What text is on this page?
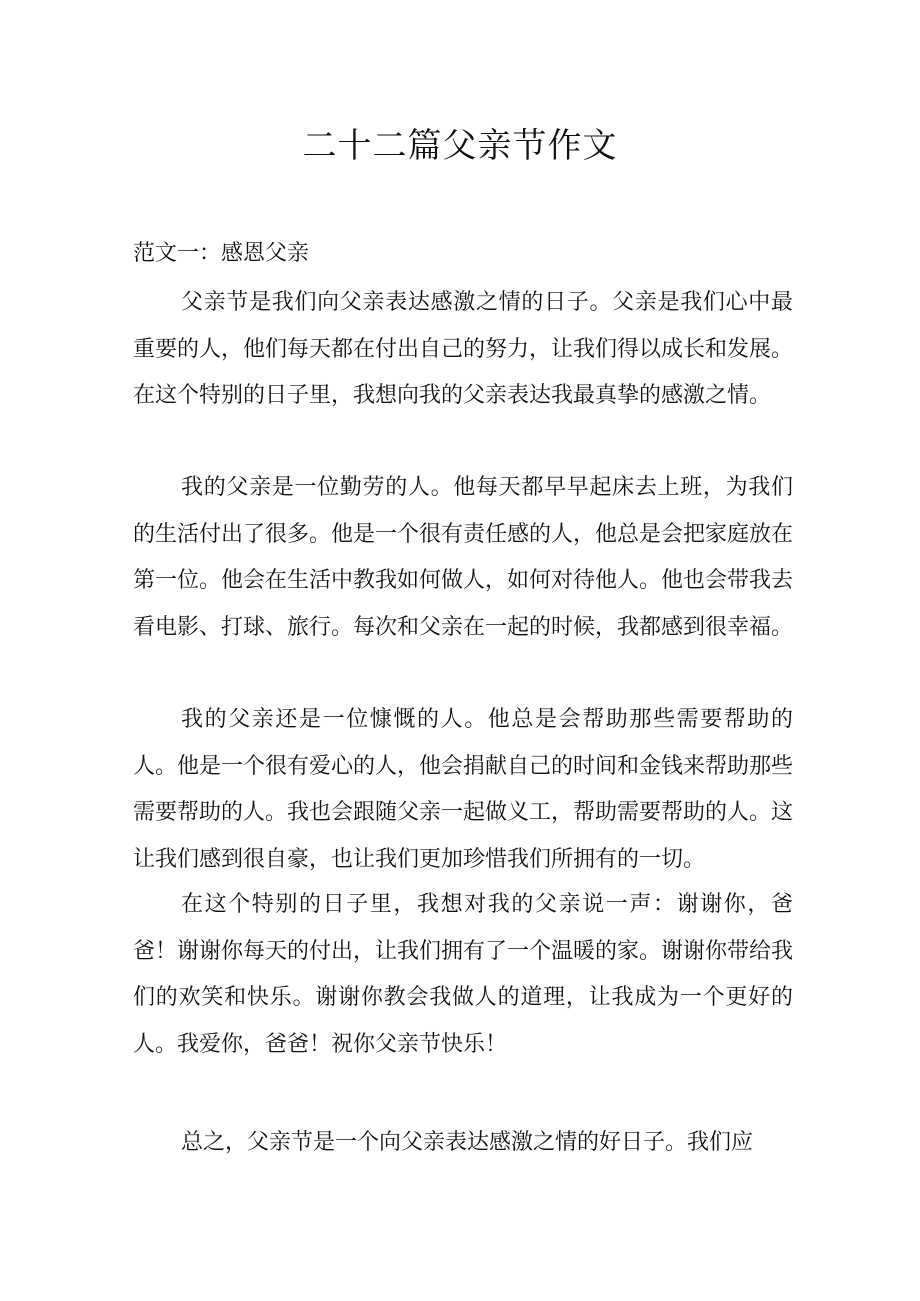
二十二篇父亲节作文

范文一：感恩父亲

父亲节是我们向父亲表达感激之情的日子。父亲是我们心中最重要的人，他们每天都在付出自己的努力，让我们得以成长和发展。在这个特别的日子里，我想向我的父亲表达我最真挚的感激之情。

我的父亲是一位勤劳的人。他每天都早早起床去上班，为我们的生活付出了很多。他是一个很有责任感的人，他总是会把家庭放在第一位。他会在生活中教我如何做人，如何对待他人。他也会带我去看电影、打球、旅行。每次和父亲在一起的时候，我都感到很幸福。

我的父亲还是一位慷慨的人。他总是会帮助那些需要帮助的人。他是一个很有爱心的人，他会捐献自己的时间和金钱来帮助那些需要帮助的人。我也会跟随父亲一起做义工，帮助需要帮助的人。这让我们感到很自豪，也让我们更加珍惜我们所拥有的一切。

在这个特别的日子里，我想对我的父亲说一声：谢谢你，爸爸！谢谢你每天的付出，让我们拥有了一个温暖的家。谢谢你带给我们的欢笑和快乐。谢谢你教会我做人的道理，让我成为一个更好的人。我爱你，爸爸！祝你父亲节快乐！

总之，父亲节是一个向父亲表达感激之情的好日子。我们应
